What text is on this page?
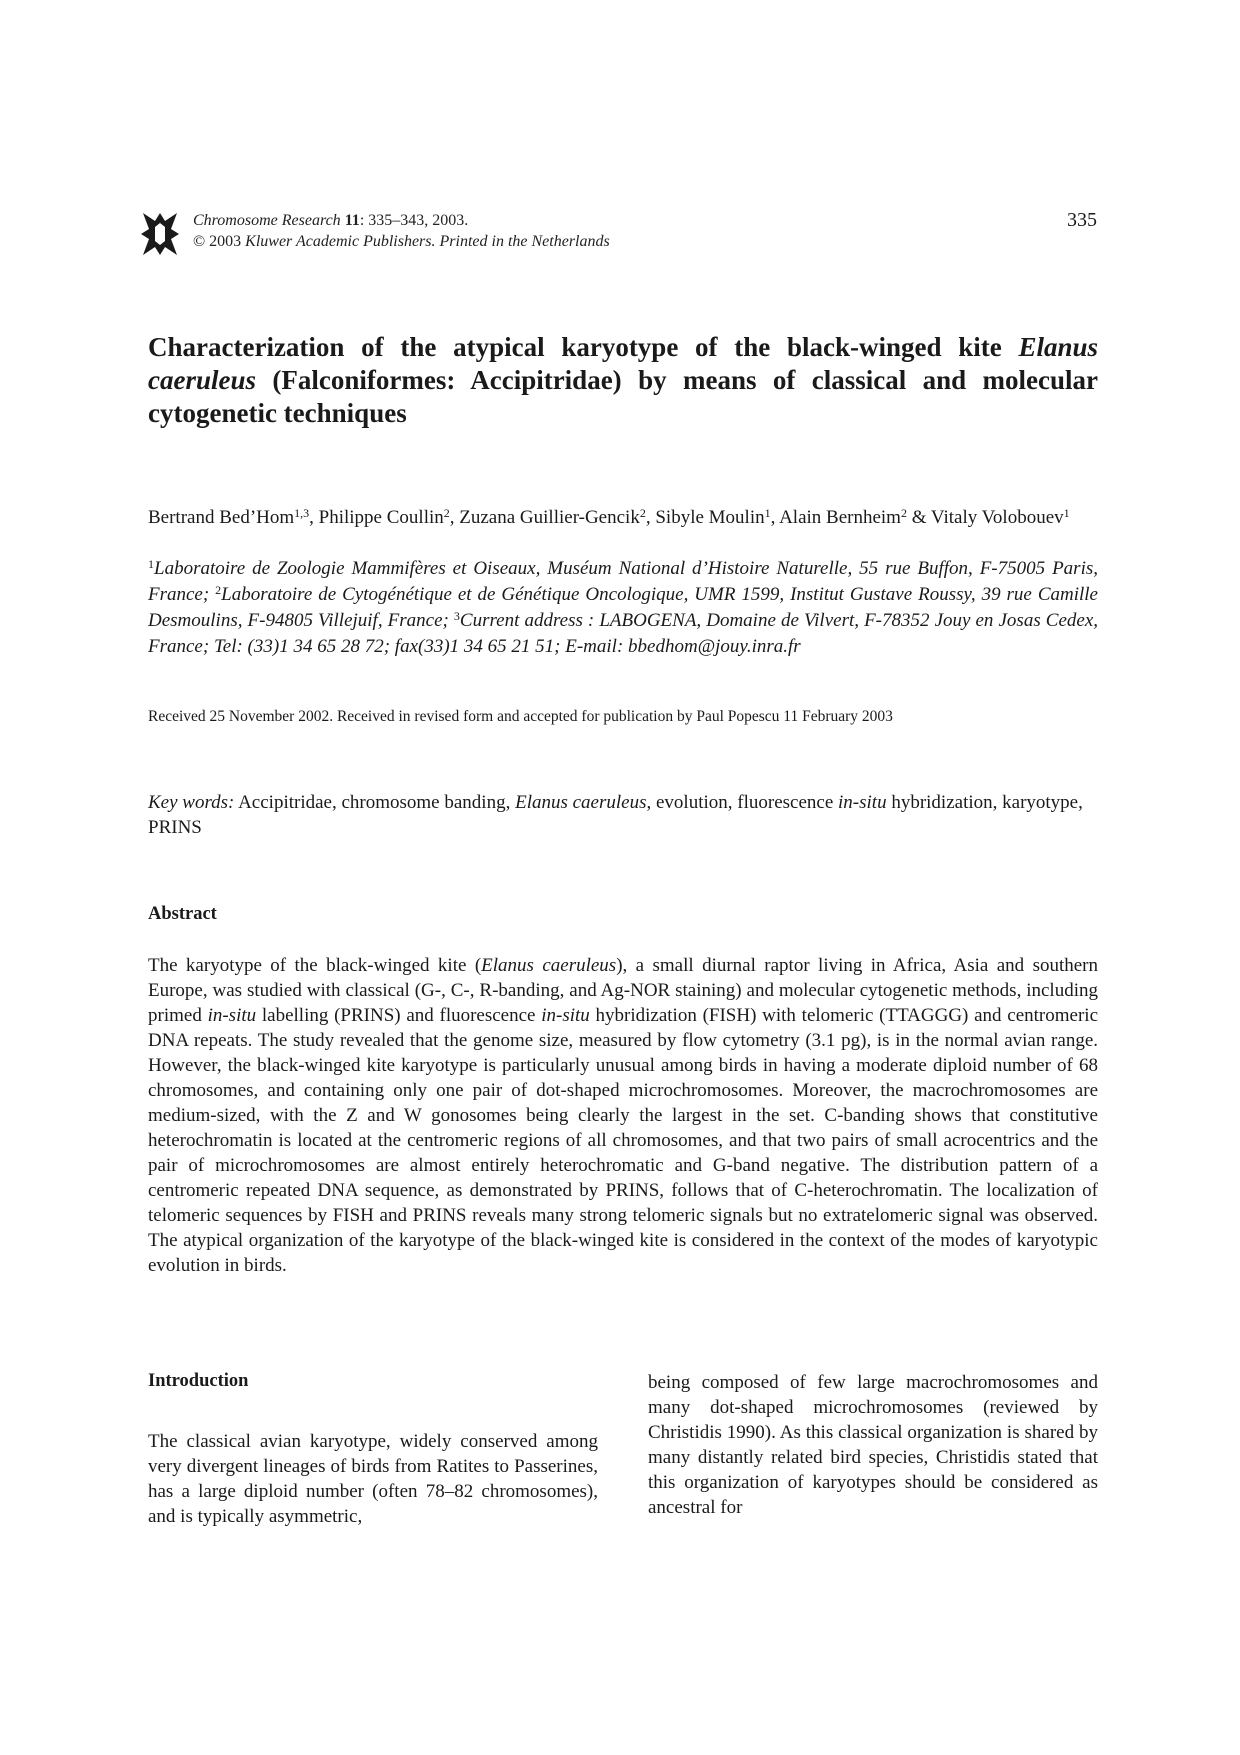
Chromosome Research 11: 335–343, 2003.
© 2003 Kluwer Academic Publishers. Printed in the Netherlands
335
Characterization of the atypical karyotype of the black-winged kite Elanus caeruleus (Falconiformes: Accipitridae) by means of classical and molecular cytogenetic techniques
Bertrand Bed’Hom$^{1,3}$, Philippe Coullin$^2$, Zuzana Guillier-Gencik$^2$, Sibyle Moulin$^1$, Alain Bernheim$^2$ & Vitaly Volobouev$^1$
$^1$Laboratoire de Zoologie Mammifères et Oiseaux, Muséum National d’Histoire Naturelle, 55 rue Buffon, F-75005 Paris, France; $^2$Laboratoire de Cytogénétique et de Génétique Oncologique, UMR 1599, Institut Gustave Roussy, 39 rue Camille Desmoulins, F-94805 Villejuif, France; $^3$Current address : LABOGENA, Domaine de Vilvert, F-78352 Jouy en Josas Cedex, France; Tel: (33)1 34 65 28 72; fax(33)1 34 65 21 51; E-mail: bbedhom@jouy.inra.fr
Received 25 November 2002. Received in revised form and accepted for publication by Paul Popescu 11 February 2003
Key words: Accipitridae, chromosome banding, Elanus caeruleus, evolution, fluorescence in-situ hybridization, karyotype, PRINS
Abstract
The karyotype of the black-winged kite (Elanus caeruleus), a small diurnal raptor living in Africa, Asia and southern Europe, was studied with classical (G-, C-, R-banding, and Ag-NOR staining) and molecular cytogenetic methods, including primed in-situ labelling (PRINS) and fluorescence in-situ hybridization (FISH) with telomeric (TTAGGG) and centromeric DNA repeats. The study revealed that the genome size, measured by flow cytometry (3.1 pg), is in the normal avian range. However, the black-winged kite karyotype is particularly unusual among birds in having a moderate diploid number of 68 chromosomes, and containing only one pair of dot-shaped microchromosomes. Moreover, the macrochromosomes are medium-sized, with the Z and W gonosomes being clearly the largest in the set. C-banding shows that constitutive heterochromatin is located at the centromeric regions of all chromosomes, and that two pairs of small acrocentrics and the pair of microchromosomes are almost entirely heterochromatic and G-band negative. The distribution pattern of a centromeric repeated DNA sequence, as demonstrated by PRINS, follows that of C-heterochromatin. The localization of telomeric sequences by FISH and PRINS reveals many strong telomeric signals but no extratelomeric signal was observed. The atypical organization of the karyotype of the black-winged kite is considered in the context of the modes of karyotypic evolution in birds.
Introduction
The classical avian karyotype, widely conserved among very divergent lineages of birds from Ratites to Passerines, has a large diploid number (often 78–82 chromosomes), and is typically asymmetric,
being composed of few large macrochromosomes and many dot-shaped microchromosomes (reviewed by Christidis 1990). As this classical organization is shared by many distantly related bird species, Christidis stated that this organization of karyotypes should be considered as ancestral for
